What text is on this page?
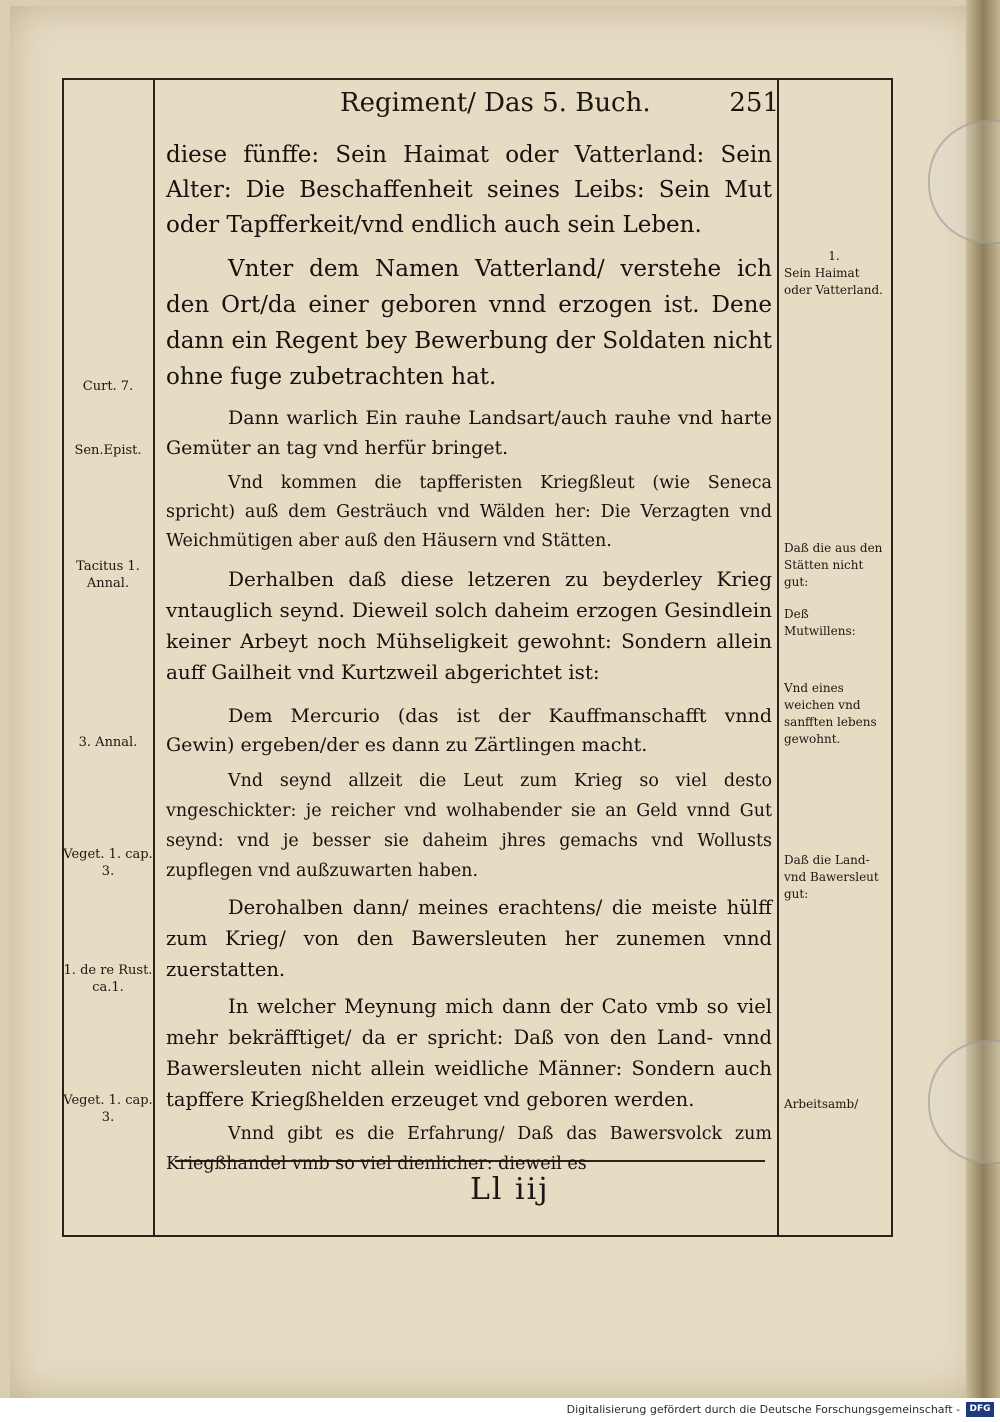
Regiment/ Das 5. Buch.	251

diese fünffe: Sein Haimat oder Vatterland: Sein Alter: Die Beschaffenheit seines Leibs: Sein Mut oder Tapfferkeit/vnd endlich auch sein Leben.

Vnter dem Namen Vatterland/ verstehe ich den Ort/da einer geboren vnnd erzogen ist. Dene dann ein Regent bey Bewerbung der Soldaten nicht ohne fuge zubetrachten hat.

Dann warlich Ein rauhe Landsart/auch rauhe vnd harte Gemüter an tag vnd herfür bringet.

Vnd kommen die tapfferisten Kriegßleut (wie Seneca spricht) auß dem Gesträuch vnd Wälden her: Die Verzagten vnd Weichmütigen aber auß den Häusern vnd Stätten.

Derhalben daß diese letzeren zu beyderley Krieg vntauglich seynd. Dieweil solch daheim erzogen Gesindlein keiner Arbeyt noch Mühseligkeit gewohnt: Sondern allein auff Gailheit vnd Kurtzweil abgerichtet ist:

Dem Mercurio (das ist der Kauffmanschafft vnnd Gewin) ergeben/der es dann zu Zärtlingen macht.

Vnd seynd allzeit die Leut zum Krieg so viel desto vngeschickter: je reicher vnd wolhabender sie an Geld vnnd Gut seynd: vnd je besser sie daheim jhres gemachs vnd Wollusts zupflegen vnd außzuwarten haben.

Derohalben dann/ meines erachtens/ die meiste hülff zum Krieg/ von den Bawersleuten her zunemen vnnd zuerstatten.

In welcher Meynung mich dann der Cato vmb so viel mehr bekräfftiget/ da er spricht: Daß von den Land- vnnd Bawersleuten nicht allein weidliche Männer: Sondern auch tapffere Kriegßhelden erzeuget vnd geboren werden.

Vnnd gibt es die Erfahrung/ Daß das Bawersvolck zum Kriegßhandel vmb so viel dienlicher: dieweil es

Curt. 7.
Sen.Epist.
Tacitus 1. Annal.
3. Annal.
Veget. 1. cap. 3.
1. de re Rust. ca.1.
Veget. 1. cap. 3.
1.
Sein Haimat oder Vatterland.
Daß die aus den Stätten nicht gut:
Deß Mutwillens:
Vnd eines weichen vnd sanfften lebens gewohnt.
Daß die Land- vnd Bawersleut gut:
Arbeitsamb/
Ll iij
Digitalisierung gefördert durch die Deutsche Forschungsgemeinschaft -	DFG
